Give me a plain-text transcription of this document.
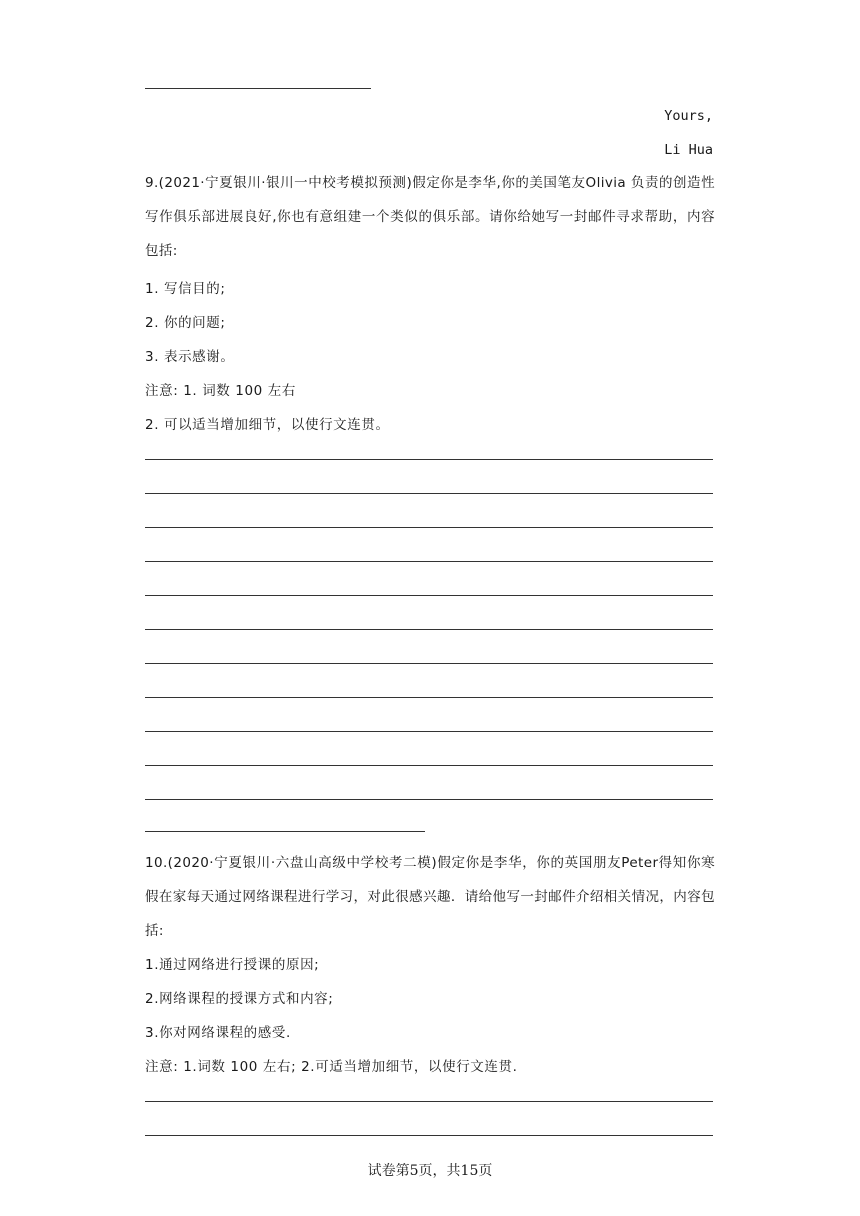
Yours,
Li Hua
9.(2021·宁夏银川·银川一中校考模拟预测)假定你是李华,你的美国笔友Olivia 负责的创造性写作俱乐部进展良好,你也有意组建一个类似的俱乐部。请你给她写一封邮件寻求帮助，内容包括:
1. 写信目的;
2. 你的问题;
3. 表示感谢。
注意: 1. 词数 100 左右
2. 可以适当增加细节，以使行文连贯。
10.(2020·宁夏银川·六盘山高级中学校考二模)假定你是李华，你的英国朋友Peter得知你寒假在家每天通过网络课程进行学习，对此很感兴趣．请给他写一封邮件介绍相关情况，内容包括:
1.通过网络进行授课的原因;
2.网络课程的授课方式和内容;
3.你对网络课程的感受.
注意: 1.词数 100 左右; 2.可适当增加细节，以使行文连贯.
试卷第5页，共15页
